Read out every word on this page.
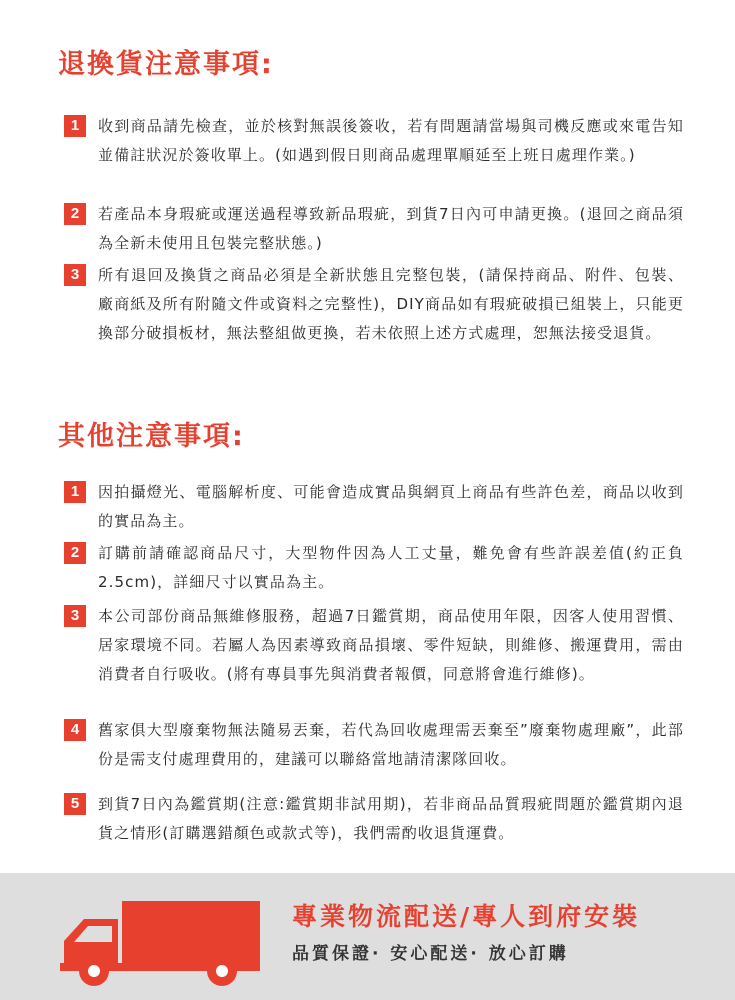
退換貨注意事項:
1	收到商品請先檢查，並於核對無誤後簽收，若有問題請當場與司機反應或來電告知並備註狀況於簽收單上。(如遇到假日則商品處理單順延至上班日處理作業。)

2	若產品本身瑕疵或運送過程導致新品瑕疵，到貨7日內可申請更換。(退回之商品須為全新未使用且包裝完整狀態。)

3	所有退回及換貨之商品必須是全新狀態且完整包裝，(請保持商品、附件、包裝、廠商紙及所有附隨文件或資料之完整性)，DIY商品如有瑕疵破損已組裝上，只能更換部分破損板材，無法整組做更換，若未依照上述方式處理，恕無法接受退貨。

其他注意事項:
1	因拍攝燈光、電腦解析度、可能會造成實品與網頁上商品有些許色差，商品以收到的實品為主。

2	訂購前請確認商品尺寸，大型物件因為人工丈量，難免會有些許誤差值(約正負2.5cm)，詳細尺寸以實品為主。

3	本公司部份商品無維修服務，超過7日鑑賞期，商品使用年限，因客人使用習慣、居家環境不同。若屬人為因素導致商品損壞、零件短缺，則維修、搬運費用，需由消費者自行吸收。(將有專員事先與消費者報價，同意將會進行維修)。

4	舊家俱大型廢棄物無法隨易丟棄，若代為回收處理需丟棄至”廢棄物處理廠”，此部份是需支付處理費用的，建議可以聯絡當地請清潔隊回收。

5	到貨7日內為鑑賞期(注意:鑑賞期非試用期)，若非商品品質瑕疵問題於鑑賞期內退貨之情形(訂購選錯顏色或款式等)，我們需酌收退貨運費。

專業物流配送/專人到府安裝

品質保證· 安心配送· 放心訂購
